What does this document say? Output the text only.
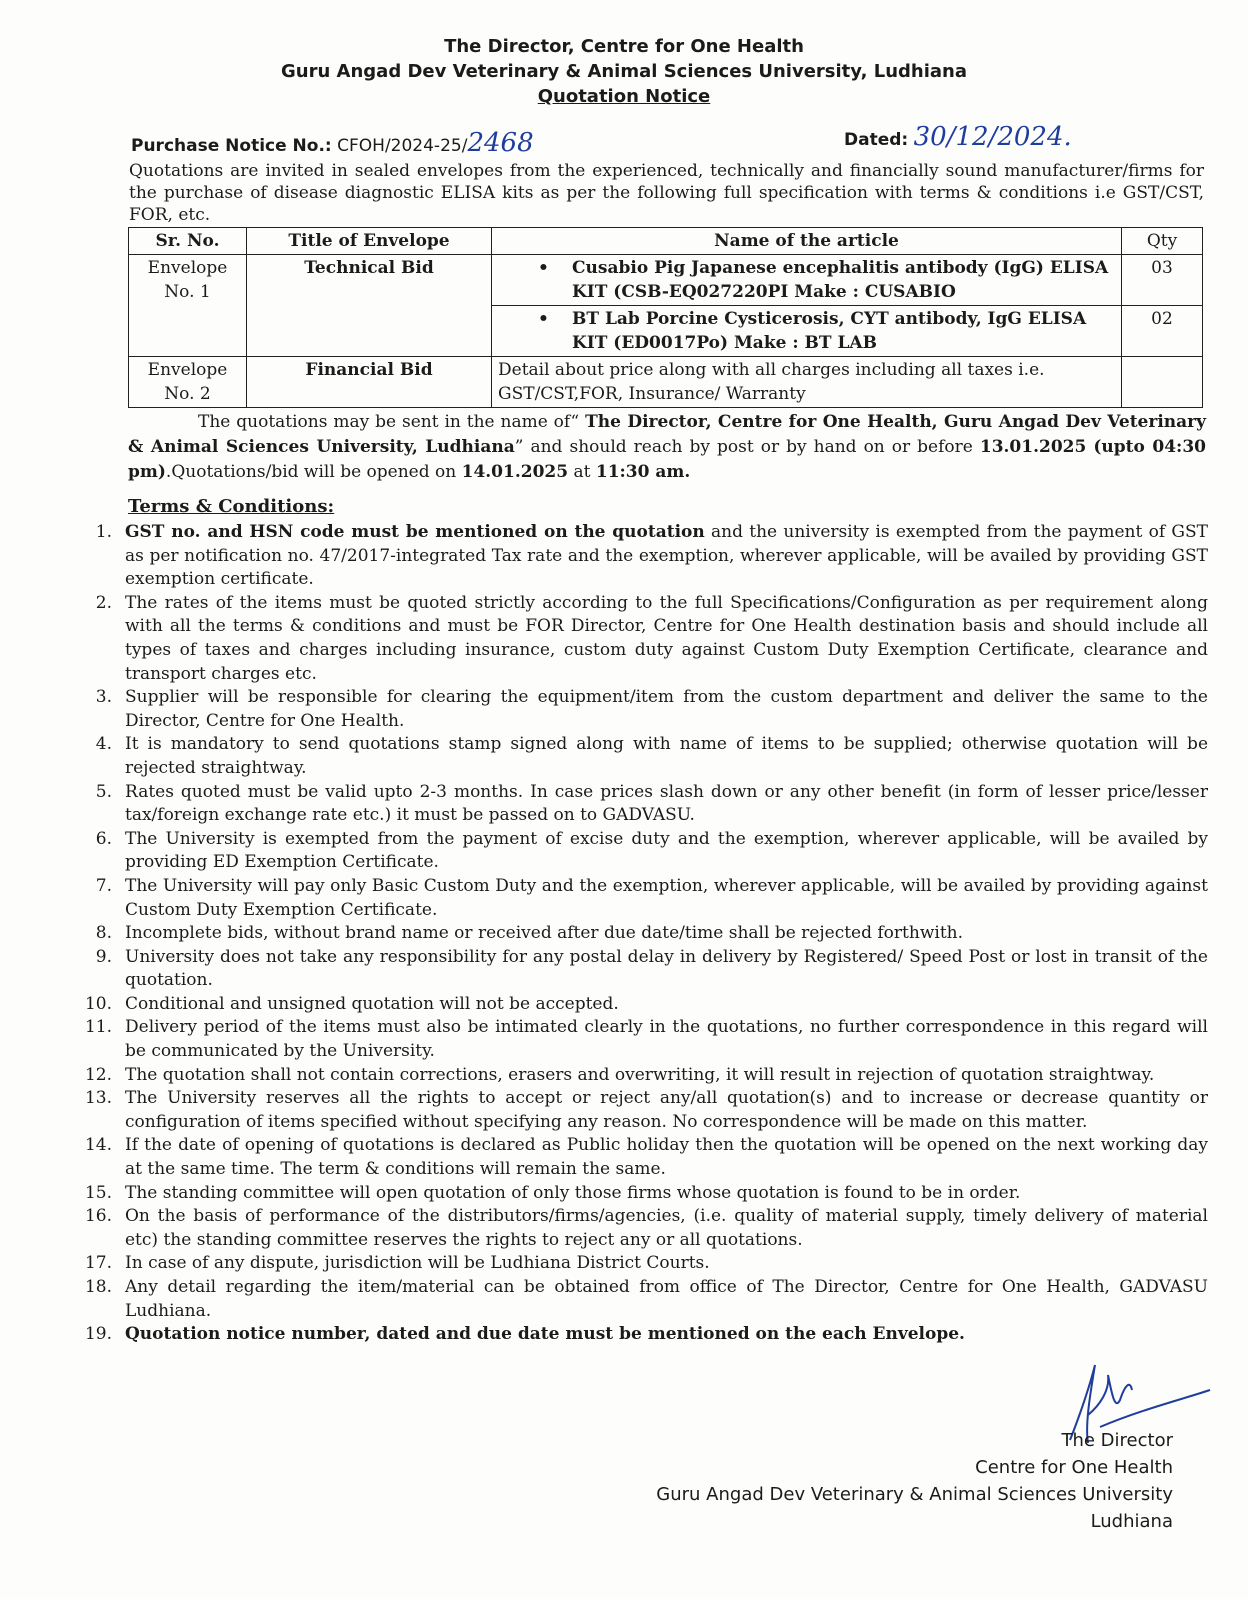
The Director, Centre for One Health
Guru Angad Dev Veterinary & Animal Sciences University, Ludhiana
Quotation Notice
Purchase Notice No.: CFOH/2024-25/2468	Dated: 30/12/2024.
Quotations are invited in sealed envelopes from the experienced, technically and financially sound manufacturer/firms for the purchase of disease diagnostic ELISA kits as per the following full specification with terms & conditions i.e GST/CST, FOR, etc.
Sr. No.	Title of Envelope	Name of the article	Qty
Envelope No. 1	Technical Bid	• Cusabio Pig Japanese encephalitis antibody (IgG) ELISA KIT (CSB-EQ027220PI Make : CUSABIO	03
		• BT Lab Porcine Cysticerosis, CYT antibody, IgG ELISA KIT (ED0017Po) Make : BT LAB	02
Envelope No. 2	Financial Bid	Detail about price along with all charges including all taxes i.e. GST/CST,FOR, Insurance/ Warranty	
The quotations may be sent in the name of“ The Director, Centre for One Health, Guru Angad Dev Veterinary & Animal Sciences University, Ludhiana” and should reach by post or by hand on or before 13.01.2025 (upto 04:30 pm).Quotations/bid will be opened on 14.01.2025 at 11:30 am.
Terms & Conditions:
1. GST no. and HSN code must be mentioned on the quotation and the university is exempted from the payment of GST as per notification no. 47/2017-integrated Tax rate and the exemption, wherever applicable, will be availed by providing GST exemption certificate.
2. The rates of the items must be quoted strictly according to the full Specifications/Configuration as per requirement along with all the terms & conditions and must be FOR Director, Centre for One Health destination basis and should include all types of taxes and charges including insurance, custom duty against Custom Duty Exemption Certificate, clearance and transport charges etc.
3. Supplier will be responsible for clearing the equipment/item from the custom department and deliver the same to the Director, Centre for One Health.
4. It is mandatory to send quotations stamp signed along with name of items to be supplied; otherwise quotation will be rejected straightway.
5. Rates quoted must be valid upto 2-3 months. In case prices slash down or any other benefit (in form of lesser price/lesser tax/foreign exchange rate etc.) it must be passed on to GADVASU.
6. The University is exempted from the payment of excise duty and the exemption, wherever applicable, will be availed by providing ED Exemption Certificate.
7. The University will pay only Basic Custom Duty and the exemption, wherever applicable, will be availed by providing against Custom Duty Exemption Certificate.
8. Incomplete bids, without brand name or received after due date/time shall be rejected forthwith.
9. University does not take any responsibility for any postal delay in delivery by Registered/ Speed Post or lost in transit of the quotation.
10. Conditional and unsigned quotation will not be accepted.
11. Delivery period of the items must also be intimated clearly in the quotations, no further correspondence in this regard will be communicated by the University.
12. The quotation shall not contain corrections, erasers and overwriting, it will result in rejection of quotation straightway.
13. The University reserves all the rights to accept or reject any/all quotation(s) and to increase or decrease quantity or configuration of items specified without specifying any reason. No correspondence will be made on this matter.
14. If the date of opening of quotations is declared as Public holiday then the quotation will be opened on the next working day at the same time. The term & conditions will remain the same.
15. The standing committee will open quotation of only those firms whose quotation is found to be in order.
16. On the basis of performance of the distributors/firms/agencies, (i.e. quality of material supply, timely delivery of material etc) the standing committee reserves the rights to reject any or all quotations.
17. In case of any dispute, jurisdiction will be Ludhiana District Courts.
18. Any detail regarding the item/material can be obtained from office of The Director, Centre for One Health, GADVASU Ludhiana.
19. Quotation notice number, dated and due date must be mentioned on the each Envelope.
The Director
Centre for One Health
Guru Angad Dev Veterinary & Animal Sciences University
Ludhiana
